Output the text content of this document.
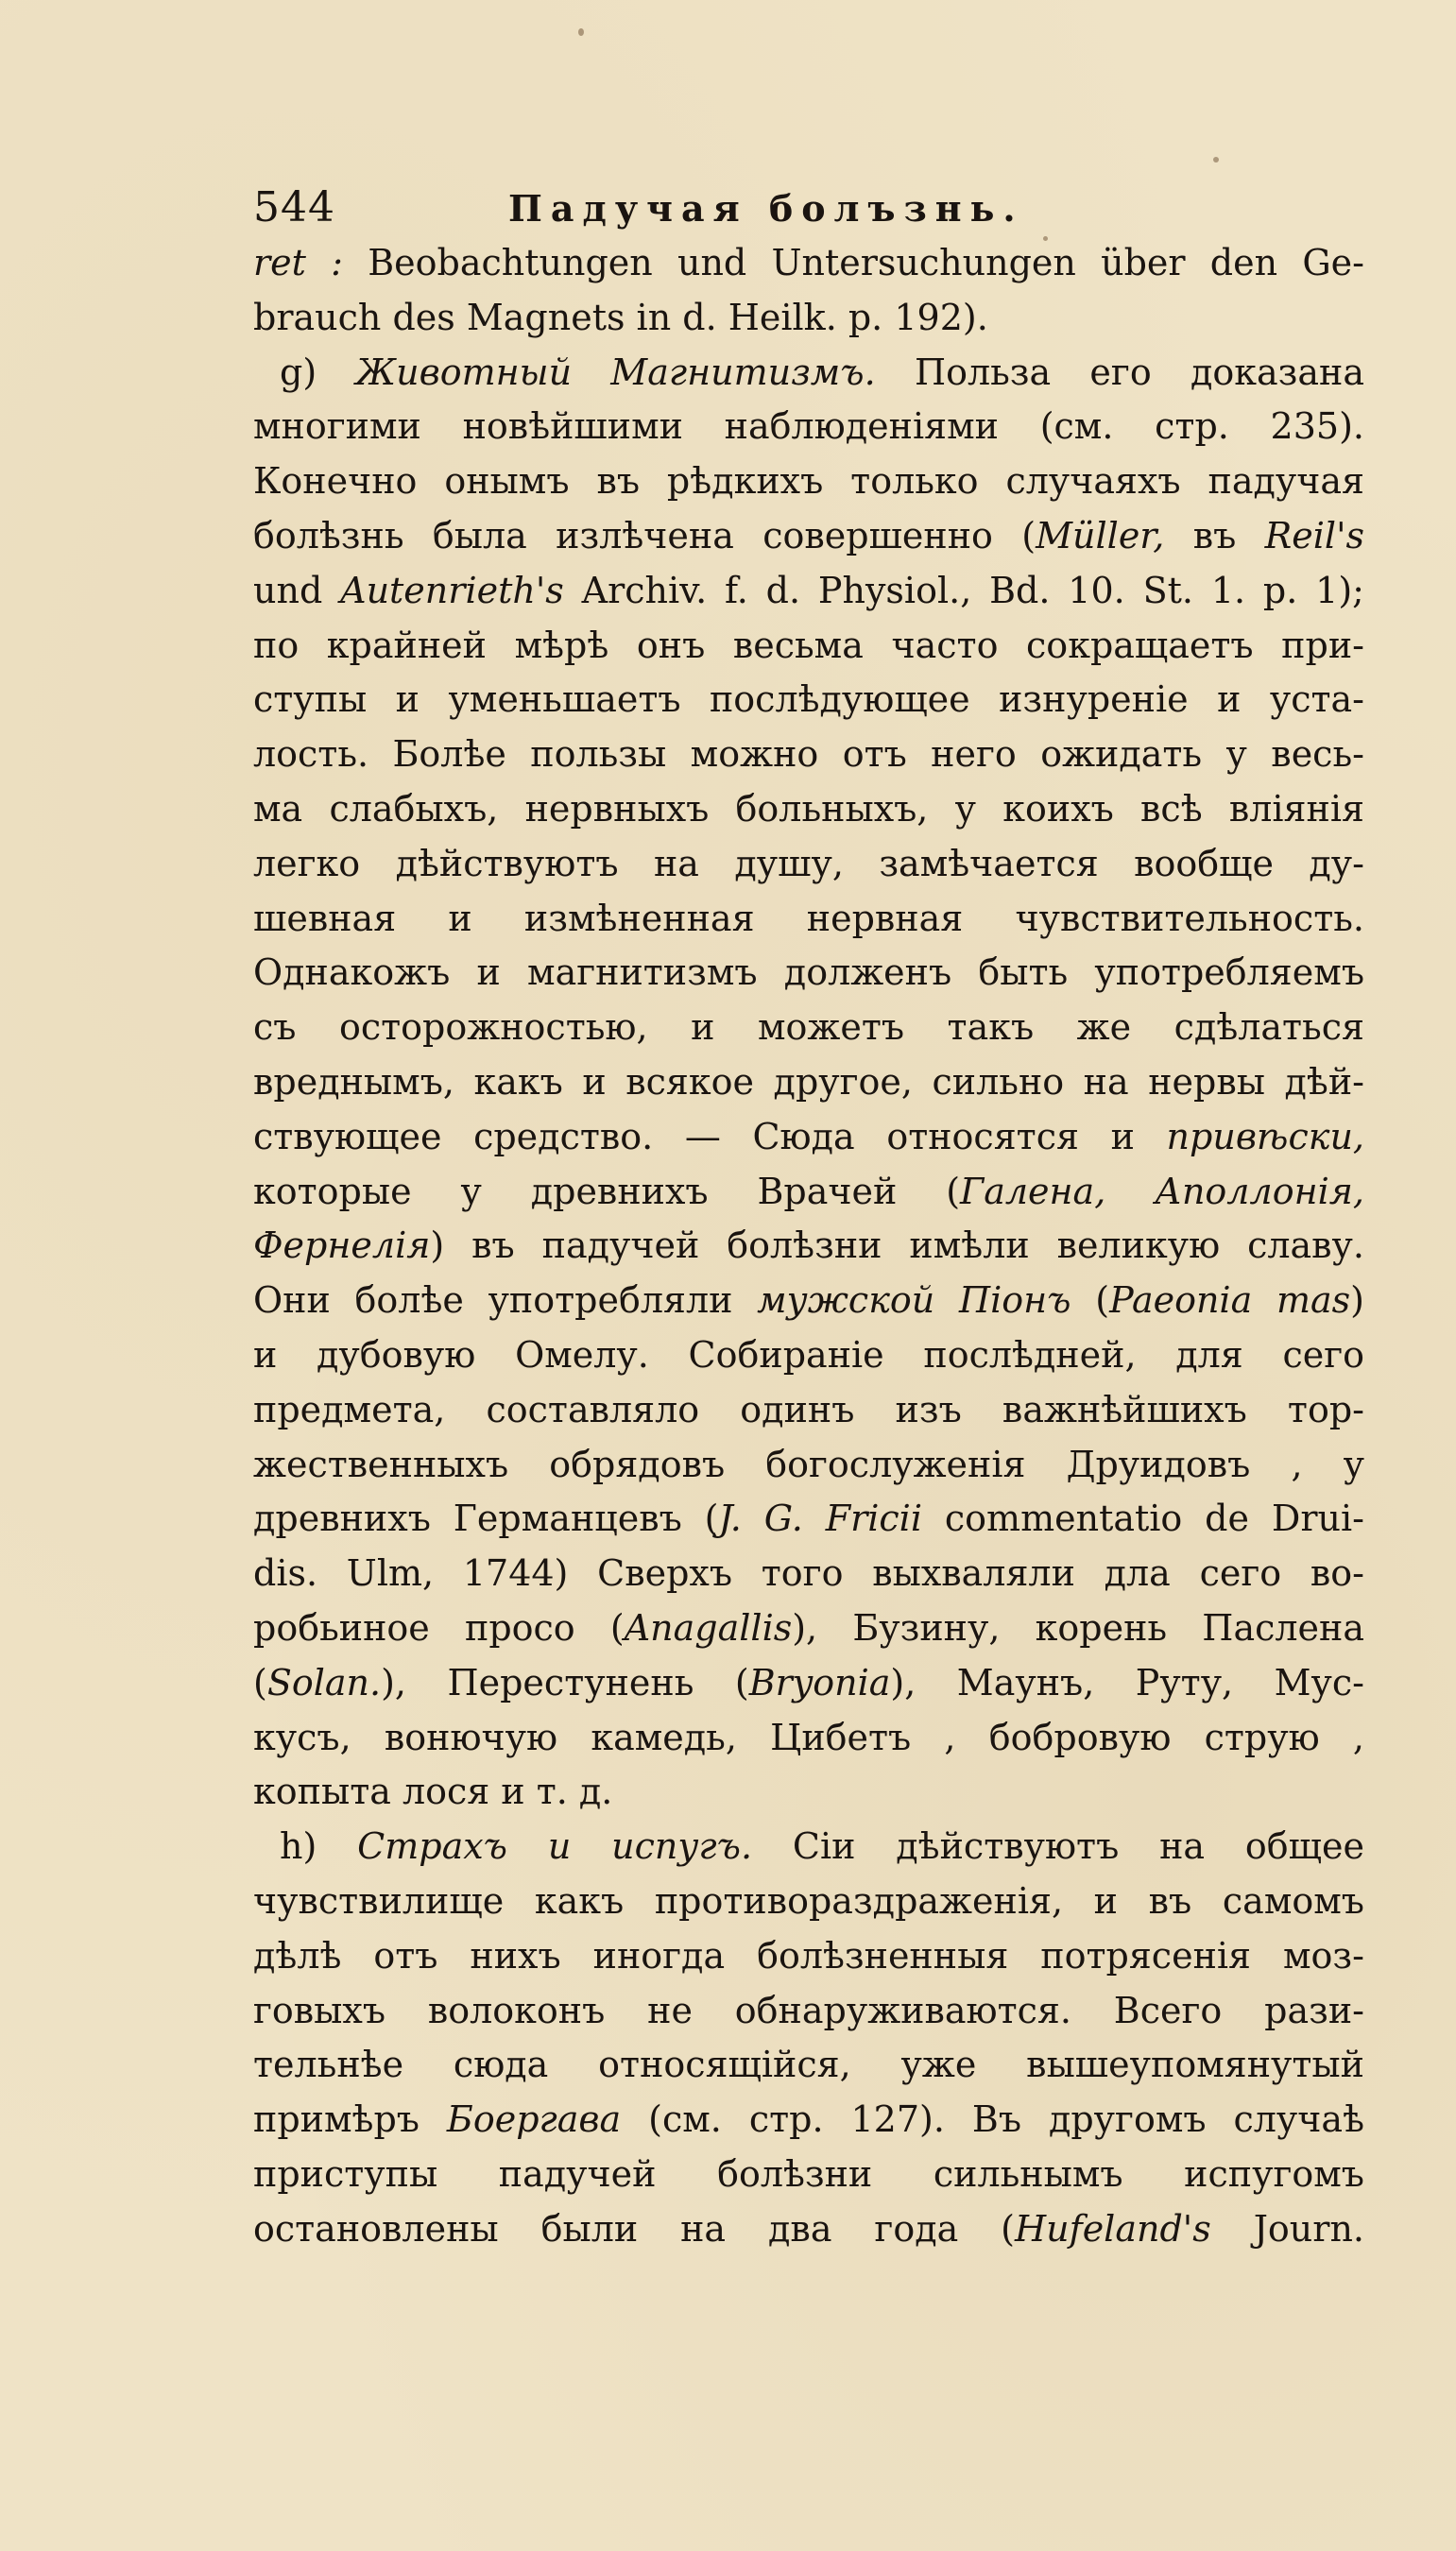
544	Падучая болъзнь.
ret : Beobachtungen und Untersuchungen über den Ge-
brauch des Magnets in d. Heilk. p. 192).
g) Животный Магнитизмъ. Польза его доказана
многими новѣйшими наблюденіями (см. стр. 235).
Конечно онымъ въ рѣдкихъ только случаяхъ падучая
болѣзнь была излѣчена совершенно (Müller, въ Reil's
und Autenrieth's Archiv. f. d. Physiol., Bd. 10. St. 1. p. 1);
по крайней мѣрѣ онъ весьма часто сокращаетъ при-
ступы и уменьшаетъ послѣдующее изнуреніе и уста-
лость. Болѣе пользы можно отъ него ожидать у весь-
ма слабыхъ, нервныхъ больныхъ, у коихъ всѣ вліянія
легко дѣйствуютъ на душу, замѣчается вообще ду-
шевная и измѣненная нервная чувствительность.
Однакожъ и магнитизмъ долженъ быть употребляемъ
съ осторожностью, и можетъ такъ же сдѣлаться
вреднымъ, какъ и всякое другое, сильно на нервы дѣй-
ствующее средство. — Сюда относятся и привѣски,
которые у древнихъ Врачей (Галена, Аполлонія,
Фернелія) въ падучей болѣзни имѣли великую славу.
Они болѣе употребляли мужской Піонъ (Paeonia mas)
и дубовую Омелу. Собираніе послѣдней, для сего
предмета, составляло одинъ изъ важнѣйшихъ тор-
жественныхъ обрядовъ богослуженія Друидовъ , у
древнихъ Германцевъ (J. G. Fricii commentatio de Drui-
dis. Ulm, 1744) Сверхъ того выхваляли дла сего во-
робьиное просо (Anagallis), Бузину, корень Паслена
(Solan.), Перестунень (Bryonia), Маунъ, Руту, Мус-
кусъ, вонючую камедь, Цибетъ , бобровую струю ,
копыта лося и т. д.
h) Страхъ и испугъ. Сіи дѣйствуютъ на общее
чувствилище какъ противораздраженія, и въ самомъ
дѣлѣ отъ нихъ иногда болѣзненныя потрясенія моз-
говыхъ волоконъ не обнаруживаются. Всего рази-
тельнѣе сюда относящійся, уже вышеупомянутый
примѣръ Боергава (см. стр. 127). Въ другомъ случаѣ
приступы падучей болѣзни сильнымъ испугомъ
остановлены были на два года (Hufeland's Journ.
